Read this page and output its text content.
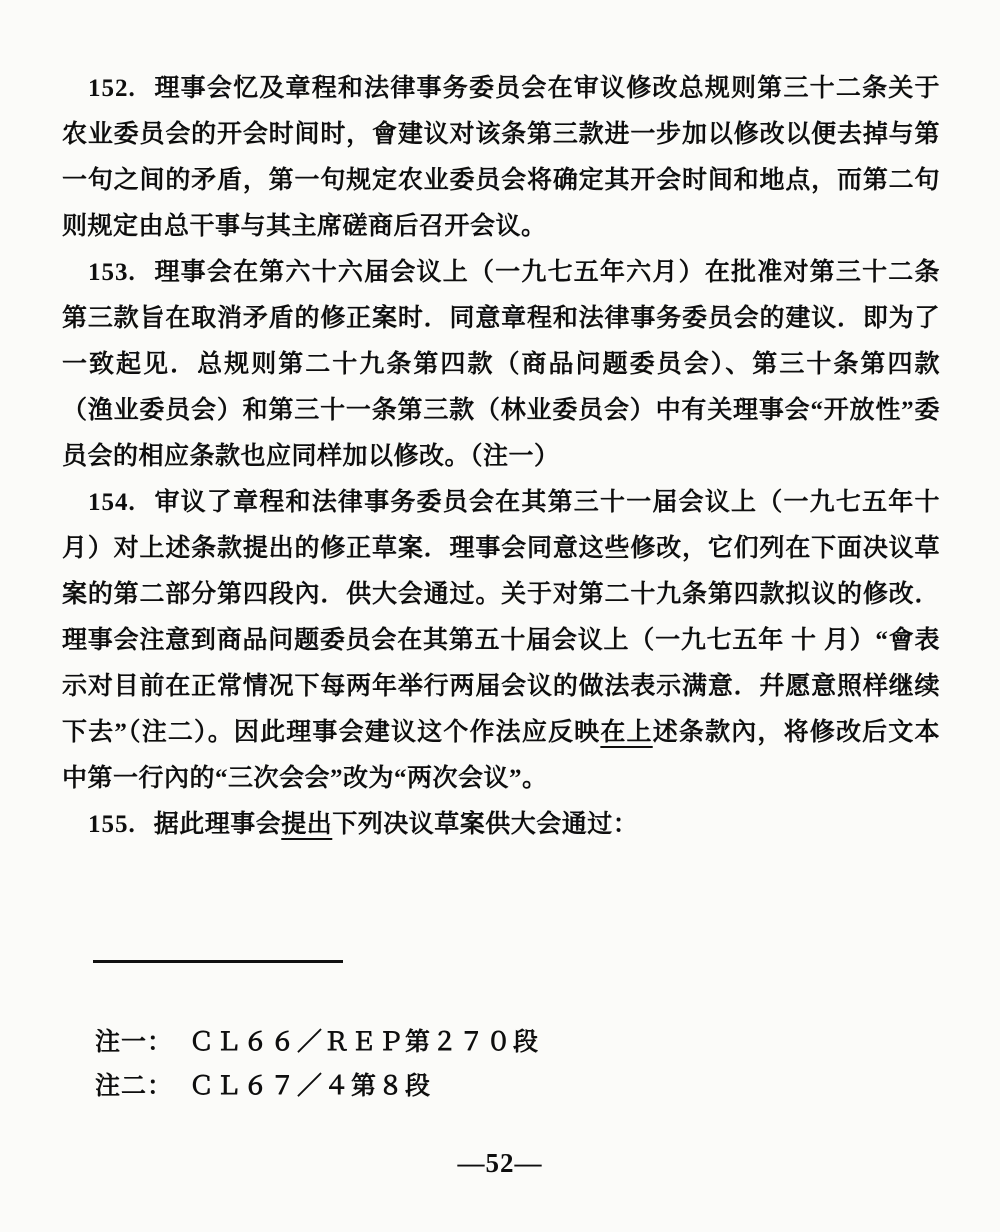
152. 理事会忆及章程和法律事务委员会在审议修改总规则第三十二条关于农业委员会的开会时间时，會建议对该条第三款进一步加以修改以便去掉与第一句之间的矛盾，第一句规定农业委员会将确定其开会时间和地点，而第二句则规定由总干事与其主席磋商后召开会议。

153. 理事会在第六十六届会议上（一九七五年六月）在批准对第三十二条第三款旨在取消矛盾的修正案时．同意章程和法律事务委员会的建议．即为了一致起见．总规则第二十九条第四款（商品问题委员会）、第三十条第四款（渔业委员会）和第三十一条第三款（林业委员会）中有关理事会“开放性”委员会的相应条款也应同样加以修改。（注一）

154. 审议了章程和法律事务委员会在其第三十一届会议上（一九七五年十月）对上述条款提出的修正草案．理事会同意这些修改，它们列在下面决议草案的第二部分第四段內．供大会通过。关于对第二十九条第四款拟议的修改．理事会注意到商品问题委员会在其第五十届会议上（一九七五年 十 月）“會表示对目前在正常情况下每两年举行两届会议的做法表示满意．幷愿意照样继续下去”（注二）。因此理事会建议这个作法应反映在上述条款內，将修改后文本中第一行內的“三次会会”改为“两次会议”。

155. 据此理事会提出下列决议草案供大会通过：

注一： ＣＬ６６／ＲＥＰ第２７０段

注二： ＣＬ６７／４第８段

—52—
